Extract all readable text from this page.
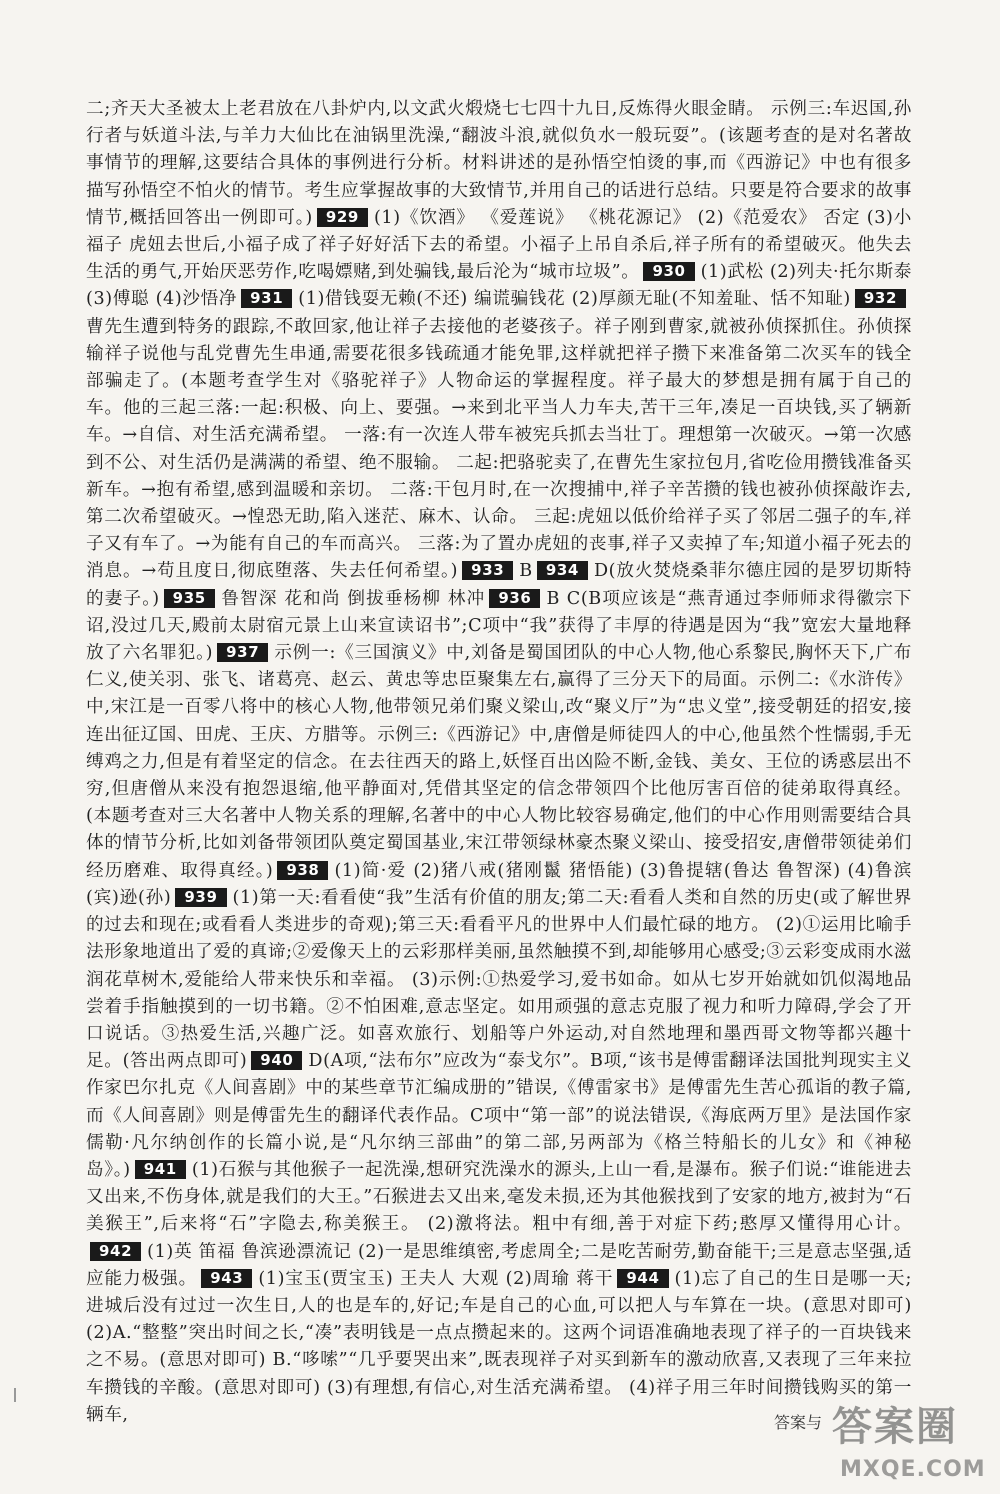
二;齐天大圣被太上老君放在八卦炉内,以文武火煅烧七七四十九日,反炼得火眼金睛。 示例三:车迟国,孙行者与妖道斗法,与羊力大仙比在油锅里洗澡,“翻波斗浪,就似负水一般玩耍”。(该题考查的是对名著故事情节的理解,这要结合具体的事例进行分析。材料讲述的是孙悟空怕烫的事,而《西游记》中也有很多描写孙悟空不怕火的情节。考生应掌握故事的大致情节,并用自己的话进行总结。只要是符合要求的故事情节,概括回答出一例即可。) 929 (1)《饮酒》 《爱莲说》 《桃花源记》 (2)《范爱农》 否定 (3)小福子 虎妞去世后,小福子成了祥子好好活下去的希望。小福子上吊自杀后,祥子所有的希望破灭。他失去生活的勇气,开始厌恶劳作,吃喝嫖赌,到处骗钱,最后沦为“城市垃圾”。 930 (1)武松 (2)列夫·托尔斯泰 (3)傅聪 (4)沙悟净 931 (1)借钱耍无赖(不还) 编谎骗钱花 (2)厚颜无耻(不知羞耻、恬不知耻) 932曹先生遭到特务的跟踪,不敢回家,他让祥子去接他的老婆孩子。祥子刚到曹家,就被孙侦探抓住。孙侦探输祥子说他与乱党曹先生串通,需要花很多钱疏通才能免罪,这样就把祥子攒下来准备第二次买车的钱全部骗走了。(本题考查学生对《骆驼祥子》人物命运的掌握程度。祥子最大的梦想是拥有属于自己的车。他的三起三落:一起:积极、向上、要强。→来到北平当人力车夫,苦干三年,凑足一百块钱,买了辆新车。→自信、对生活充满希望。 一落:有一次连人带车被宪兵抓去当壮丁。理想第一次破灭。→第一次感到不公、对生活仍是满满的希望、绝不服输。 二起:把骆驼卖了,在曹先生家拉包月,省吃俭用攒钱准备买新车。→抱有希望,感到温暖和亲切。 二落:干包月时,在一次搜捕中,祥子辛苦攒的钱也被孙侦探敲诈去,第二次希望破灭。→惶恐无助,陷入迷茫、麻木、认命。 三起:虎妞以低价给祥子买了邻居二强子的车,祥子又有车了。→为能有自己的车而高兴。 三落:为了置办虎妞的丧事,祥子又卖掉了车;知道小福子死去的消息。→苟且度日,彻底堕落、失去任何希望。) 933 B 934 D(放火焚烧桑菲尔德庄园的是罗切斯特的妻子。) 935 鲁智深 花和尚 倒拔垂杨柳 林冲 936 B C(B项应该是“燕青通过李师师求得徽宗下诏,没过几天,殿前太尉宿元景上山来宣读诏书”;C项中“我”获得了丰厚的待遇是因为“我”宽宏大量地释放了六名罪犯。) 937 示例一:《三国演义》中,刘备是蜀国团队的中心人物,他心系黎民,胸怀天下,广布仁义,使关羽、张飞、诸葛亮、赵云、黄忠等忠臣聚集左右,赢得了三分天下的局面。示例二:《水浒传》中,宋江是一百零八将中的核心人物,他带领兄弟们聚义梁山,改“聚义厅”为“忠义堂”,接受朝廷的招安,接连出征辽国、田虎、王庆、方腊等。示例三:《西游记》中,唐僧是师徒四人的中心,他虽然个性懦弱,手无缚鸡之力,但是有着坚定的信念。在去往西天的路上,妖怪百出凶险不断,金钱、美女、王位的诱惑层出不穷,但唐僧从来没有抱怨退缩,他平静面对,凭借其坚定的信念带领四个比他厉害百倍的徒弟取得真经。(本题考查对三大名著中人物关系的理解,名著中的中心人物比较容易确定,他们的中心作用则需要结合具体的情节分析,比如刘备带领团队奠定蜀国基业,宋江带领绿林豪杰聚义梁山、接受招安,唐僧带领徒弟们经历磨难、取得真经。) 938 (1)简·爱 (2)猪八戒(猪刚鬣 猪悟能) (3)鲁提辖(鲁达 鲁智深) (4)鲁滨(宾)逊(孙) 939 (1)第一天:看看使“我”生活有价值的朋友;第二天:看看人类和自然的历史(或了解世界的过去和现在;或看看人类进步的奇观);第三天:看看平凡的世界中人们最忙碌的地方。 (2)①运用比喻手法形象地道出了爱的真谛;②爱像天上的云彩那样美丽,虽然触摸不到,却能够用心感受;③云彩变成雨水滋润花草树木,爱能给人带来快乐和幸福。 (3)示例:①热爱学习,爱书如命。如从七岁开始就如饥似渴地品尝着手指触摸到的一切书籍。②不怕困难,意志坚定。如用顽强的意志克服了视力和听力障碍,学会了开口说话。③热爱生活,兴趣广泛。如喜欢旅行、划船等户外运动,对自然地理和墨西哥文物等都兴趣十足。(答出两点即可) 940 D(A项,“法布尔”应改为“泰戈尔”。B项,“该书是傅雷翻译法国批判现实主义作家巴尔扎克《人间喜剧》中的某些章节汇编成册的”错误,《傅雷家书》是傅雷先生苦心孤诣的教子篇,而《人间喜剧》则是傅雷先生的翻译代表作品。C项中“第一部”的说法错误,《海底两万里》是法国作家儒勒·凡尔纳创作的长篇小说,是“凡尔纳三部曲”的第二部,另两部为《格兰特船长的儿女》和《神秘岛》。) 941 (1)石猴与其他猴子一起洗澡,想研究洗澡水的源头,上山一看,是瀑布。猴子们说:“谁能进去又出来,不伤身体,就是我们的大王。”石猴进去又出来,毫发未损,还为其他猴找到了安家的地方,被封为“石美猴王”,后来将“石”字隐去,称美猴王。 (2)激将法。粗中有细,善于对症下药;憨厚又懂得用心计。942 (1)英 笛福 鲁滨逊漂流记 (2)一是思维缜密,考虑周全;二是吃苦耐劳,勤奋能干;三是意志坚强,适应能力极强。 943 (1)宝玉(贾宝玉) 王夫人 大观 (2)周瑜 蒋干 944 (1)忘了自己的生日是哪一天;进城后没有过过一次生日,人的也是车的,好记;车是自己的心血,可以把人与车算在一块。(意思对即可) (2)A.“整整”突出时间之长,“凑”表明钱是一点点攒起来的。这两个词语准确地表现了祥子的一百块钱来之不易。(意思对即可) B.“哆嗦”“几乎要哭出来”,既表现祥子对买到新车的激动欣喜,又表现了三年来拉车攒钱的辛酸。(意思对即可) (3)有理想,有信心,对生活充满希望。 (4)祥子用三年时间攒钱购买的第一辆车,	答案与 答案圈
MXQE.COM
